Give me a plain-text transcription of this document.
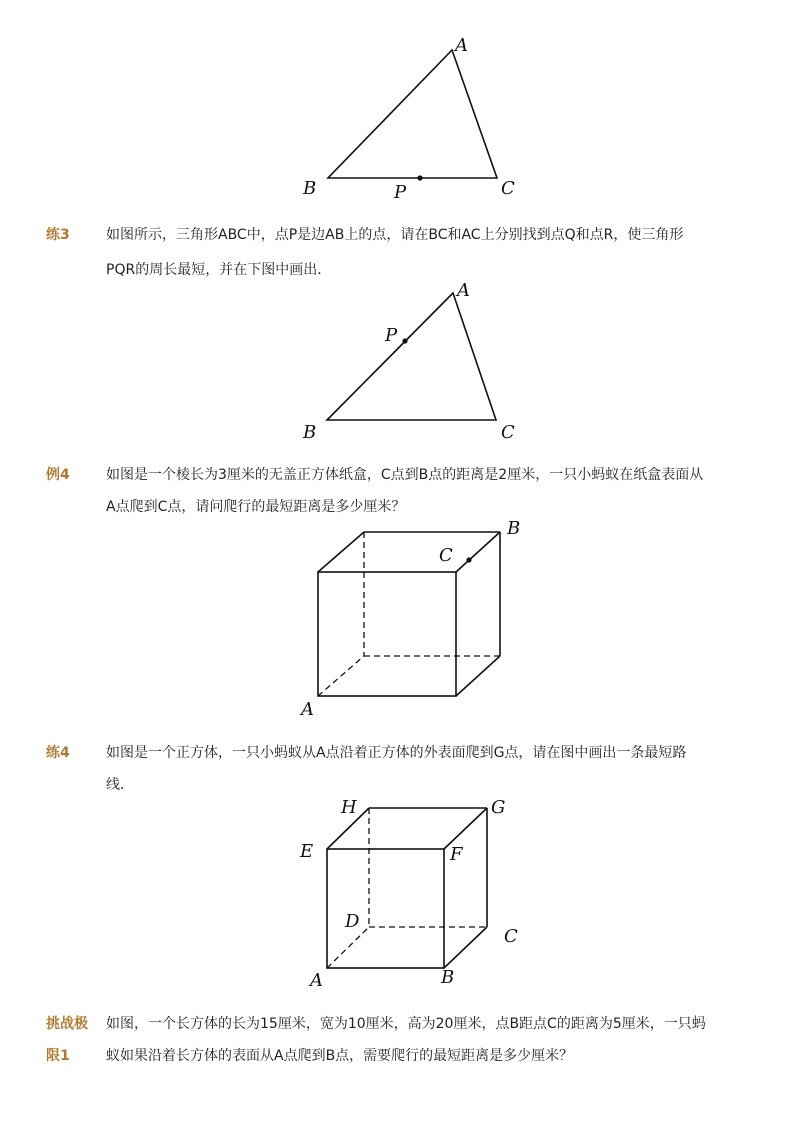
A
B	C
P
练3	如图所示，三角形ABC中，点P是边AB上的点，请在BC和AC上分别找到点Q和点R，使三角形
PQR的周长最短，并在下图中画出．
A
B	C
P
例4	如图是一个棱长为3厘米的无盖正方体纸盒，C点到B点的距离是2厘米，一只小蚂蚁在纸盒表面从
A点爬到C点，请问爬行的最短距离是多少厘米？
A
B
C
练4	如图是一个正方体，一只小蚂蚁从A点沿着正方体的外表面爬到G点，请在图中画出一条最短路
线．
A	B
C
D
E	F
G
H
挑战极 如图，一个长方体的长为15厘米，宽为10厘米，高为20厘米，点B距点C的距离为5厘米，一只蚂
限1	蚁如果沿着长方体的表面从A点爬到B点，需要爬行的最短距离是多少厘米？
